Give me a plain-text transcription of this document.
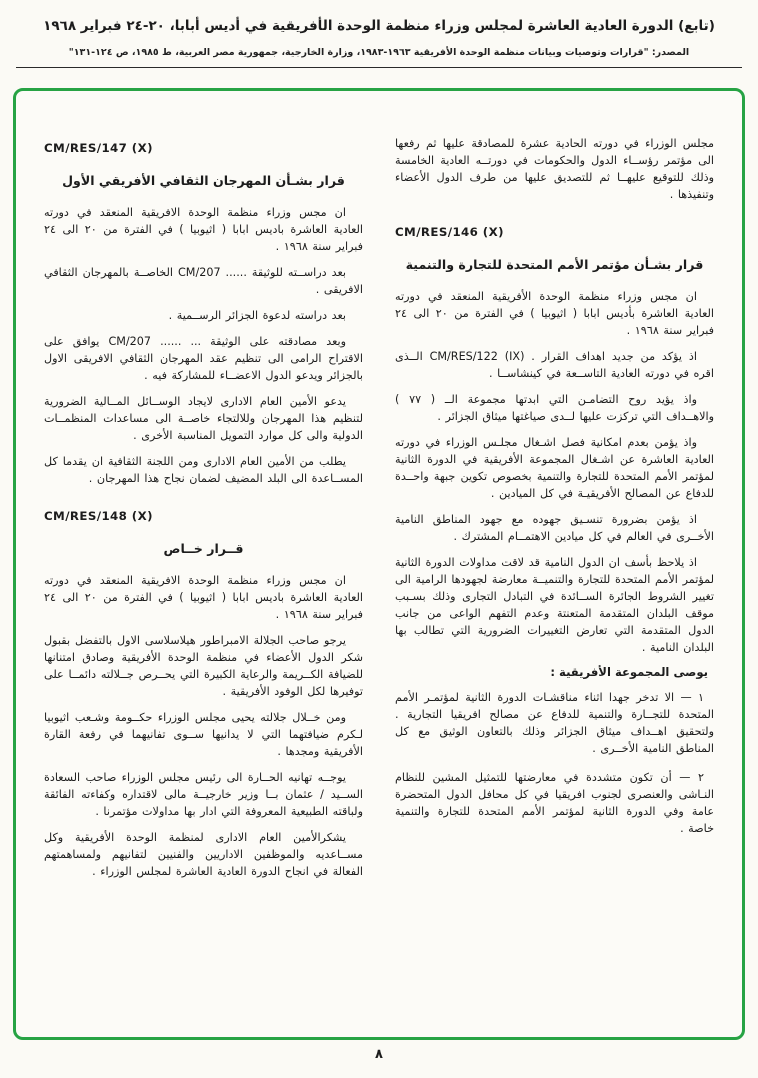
(تابع) الدورة العادية العاشرة لمجلس وزراء منظمة الوحدة الأفريقية في أديس أبابا، ٢٠-٢٤ فبراير ١٩٦٨
المصدر: "قرارات وتوصيات وبيانات منظمة الوحدة الأفريقية ١٩٦٣-١٩٨٣، وزارة الخارجية، جمهورية مصر العربية، ط ١٩٨٥، ص ١٢٤-١٣١"

مجلس الوزراء في دورته الحادية عشرة للمصادقة عليها ثم رفعها الى مؤتمر رؤســاء الدول والحكومات في دورتــه العادية الخامسة وذلك للتوقيع عليهــا ثم للتصديق عليها من طرف الدول الأعضاء وتنفيذها .

CM/RES/146 (X)
قرار بشـأن مؤتمر الأمم المتحدة للتجارة والتنمية

ان مجس وزراء منظمة الوحدة الأفريقية المنعقد في دورته العادية العاشرة بأديس ابابا ( اثيوبيا ) في الفترة من ٢٠ الى ٢٤ فبراير سنة ١٩٦٨ .

اذ يؤكد من جديد اهداف القرار . CM/RES/122 (IX) الــذى اقره في دورته العادية التاســعة في كينشاســا .

واذ يؤيد روح التضامـن التي ابدتها مجموعة الــ ( ٧٧ ) والاهــداف التي تركزت عليها لــدى صياغتها ميثاق الجزائر .

واذ يؤمن بعدم امكانية فصل اشـغال مجلـس الوزراء في دورته العادية العاشرة عن اشـغال المجموعة الأفريقية في الدورة الثانية لمؤتمر الأمم المتحدة للتجارة والتنمية بخصوص تكوين جبهة واحــدة للدفاع عن المصالح الأفريقيـة في كل الميادين .

اذ يؤمن بضرورة تنسـيق جهوده مع جهود المناطق النامية الأخــرى في العالم في كل ميادين الاهتمــام المشترك .

اذ يلاحظ بأسف ان الدول النامية قد لاقت مداولات الدورة الثانية لمؤتمر الأمم المتحدة للتجارة والتنميــة معارضة لجهودها الرامية الى تغيير الشروط الجائرة الســائدة في التبادل التجارى وذلك بسـبب موقف البلدان المتقدمة المتعنتة وعدم التفهم الواعى من جانب الدول المتقدمة التي تعارض التغييرات الضرورية التي تطالب بها البلدان النامية .

يوصى المجموعة الأفريقية :

١ — الا تدخر جهدا اثناء مناقشـات الدورة الثانية لمؤتمـر الأمم المتحدة للتجــارة والتنمية للدفاع عن مصالح افريقيا التجارية . ولتحقيق اهــداف ميثاق الجزائر وذلك بالتعاون الوثيق مع كل المناطق النامية الأخــرى .

٢ — أن تكون متشددة في معارضتها للتمثيل المشين للنظام النـاشى والعنصرى لجنوب افريقيا في كل محافل الدول المتحضرة عامة وفي الدورة الثانية لمؤتمر الأمم المتحدة للتجارة والتنمية خاصة .

CM/RES/147 (X)
قرار بشـأن المهرجان الثقافي الأفريقي الأول

ان مجس وزراء منظمة الوحدة الافريقية المنعقد في دورته العادية العاشرة باديس ابابا ( اثيوبيا ) في الفترة من ٢٠ الى ٢٤ فبراير سنة ١٩٦٨ .

بعد دراســته للوثيقة ...... CM/207 الخاصــة بالمهرجان الثقافي الافريقى .

بعد دراسته لدعوة الجزائر الرســمية .

وبعد مصادقته على الوثيقة ... ...... CM/207 يوافق على الاقتراح الرامى الى تنظيم عقد المهرجان الثقافي الافريقى الاول بالجزائر ويدعو الدول الاعضــاء للمشاركة فيه .

يدعو الأمين العام الادارى لايجاد الوســائل المــالية الضرورية لتنظيم هذا المهرجان وللالتجاء خاصــة الى مساعدات المنظمــات الدولية والى كل موارد التمويل المناسبة الأخرى .

يطلب من الأمين العام الادارى ومن اللجنة الثقافية ان يقدما كل المســاعدة الى البلد المضيف لضمان نجاح هذا المهرجان .

CM/RES/148 (X)
قــرار خــاص

ان مجس وزراء منظمة الوحدة الافريقية المنعقد في دورته العادية العاشرة باديس ابابا ( اثيوبيا ) في الفترة من ٢٠ الى ٢٤ فبراير سنة ١٩٦٨ .

يرجو صاحب الجلالة الامبراطور هيلاسلاسى الاول بالتفضل بقبول شكر الدول الأعضاء في منظمة الوحدة الأفريقية وصادق امتنانها للضيافة الكــريمة والرعاية الكبيرة التي يحــرص جــلالته دائمــا على توفيرها لكل الوفود الأفريقية .

ومن خــلال جلالته يحيى مجلس الوزراء حكــومة وشـعب اثيوبيا لـكرم ضيافتهما التي لا يدانيها ســوى تفانيهما في رفعة القارة الأفريقية ومجدها .

يوجــه تهانيه الحــارة الى رئيس مجلس الوزراء صاحب السعادة الســيد / عثمان بــا وزير خارجيــة مالى لاقتداره وكفاءته الفائقة ولباقته الطبيعية المعروفة التي ادار بها مداولات مؤتمرنا .

يشكرالأمين العام الادارى لمنظمة الوحدة الأفريقية وكل مســاعديه والموظفين الاداريين والفنيين لتفانيهم ولمساهمتهم الفعالة في انجاح الدورة العادية العاشرة لمجلس الوزراء .

٨
